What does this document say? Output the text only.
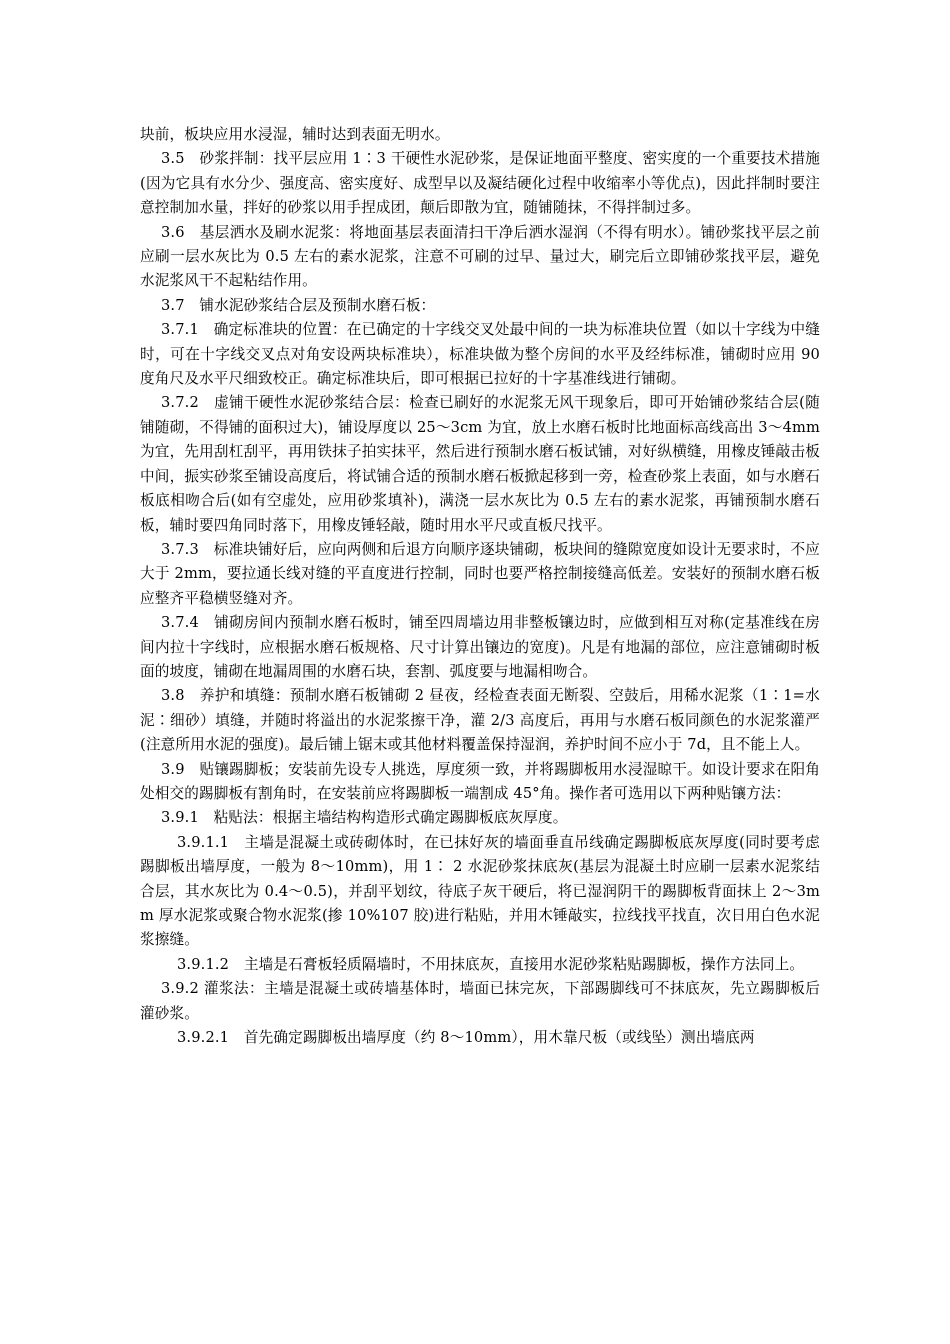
块前，板块应用水浸湿，辅时达到表面无明水。

3.5　砂浆拌制：找平层应用 1∶3 干硬性水泥砂浆，是保证地面平整度、密实度的一个重要技术措施(因为它具有水分少、强度高、密实度好、成型早以及凝结硬化过程中收缩率小等优点)，因此拌制时要注意控制加水量，拌好的砂浆以用手捏成团，颠后即散为宜，随铺随抹，不得拌制过多。

3.6　基层洒水及刷水泥浆：将地面基层表面清扫干净后洒水湿润（不得有明水）。铺砂浆找平层之前应刷一层水灰比为 0.5 左右的素水泥浆，注意不可刷的过早、量过大，刷完后立即铺砂浆找平层，避免水泥浆风干不起粘结作用。

3.7　铺水泥砂浆结合层及预制水磨石板：

3.7.1　确定标准块的位置：在已确定的十字线交叉处最中间的一块为标准块位置（如以十字线为中缝时，可在十字线交叉点对角安设两块标准块），标准块做为整个房间的水平及经纬标准，铺砌时应用 90 度角尺及水平尺细致校正。确定标准块后，即可根据已拉好的十字基准线进行铺砌。

3.7.2　虚铺干硬性水泥砂浆结合层：检查已刷好的水泥浆无风干现象后，即可开始铺砂浆结合层(随铺随砌，不得铺的面积过大)，铺设厚度以 25～3cm 为宜，放上水磨石板时比地面标高线高出 3～4mm 为宜，先用刮杠刮平，再用铁抹子拍实抹平，然后进行预制水磨石板试铺，对好纵横缝，用橡皮锤敲击板中间，振实砂浆至铺设高度后，将试铺合适的预制水磨石板掀起移到一旁，检查砂浆上表面，如与水磨石板底相吻合后(如有空虚处，应用砂浆填补)，满浇一层水灰比为 0.5 左右的素水泥浆，再铺预制水磨石板，辅时要四角同时落下，用橡皮锤轻敲，随时用水平尺或直板尺找平。

3.7.3　标准块铺好后，应向两侧和后退方向顺序逐块铺砌，板块间的缝隙宽度如设计无要求时，不应大于 2mm，要拉通长线对缝的平直度进行控制，同时也要严格控制接缝高低差。安装好的预制水磨石板应整齐平稳横竖缝对齐。

3.7.4　铺砌房间内预制水磨石板时，铺至四周墙边用非整板镶边时，应做到相互对称(定基准线在房间内拉十字线时，应根据水磨石板规格、尺寸计算出镶边的宽度)。凡是有地漏的部位，应注意铺砌时板面的坡度，铺砌在地漏周围的水磨石块，套割、弧度要与地漏相吻合。

3.8　养护和填缝：预制水磨石板铺砌 2 昼夜，经检查表面无断裂、空鼓后，用稀水泥浆（1∶1=水泥∶细砂）填缝，并随时将溢出的水泥浆擦干净，灌 2/3 高度后，再用与水磨石板同颜色的水泥浆灌严(注意所用水泥的强度)。最后铺上锯末或其他材料覆盖保持湿润，养护时间不应小于 7d，且不能上人。

3.9　贴镶踢脚板；安装前先设专人挑选，厚度须一致，并将踢脚板用水浸湿晾干。如设计要求在阳角处相交的踢脚板有割角时，在安装前应将踢脚板一端割成 45°角。操作者可选用以下两种贴镶方法：

3.9.1　粘贴法：根据主墙结构构造形式确定踢脚板底灰厚度。

3.9.1.1　主墙是混凝土或砖砌体时，在已抹好灰的墙面垂直吊线确定踢脚板底灰厚度(同时要考虑踢脚板出墙厚度，一般为 8～10mm)，用 1∶ 2 水泥砂浆抹底灰(基层为混凝土时应刷一层素水泥浆结合层，其水灰比为 0.4～0.5)，并刮平划纹，待底子灰干硬后，将已湿润阴干的踢脚板背面抹上 2～3mm 厚水泥浆或聚合物水泥浆(掺 10%107 胶)进行粘贴，并用木锤敲实，拉线找平找直，次日用白色水泥浆擦缝。

3.9.1.2　主墙是石膏板轻质隔墙时，不用抹底灰，直接用水泥砂浆粘贴踢脚板，操作方法同上。

3.9.2 灌浆法：主墙是混凝土或砖墙基体时，墙面已抹完灰，下部踢脚线可不抹底灰，先立踢脚板后灌砂浆。

3.9.2.1　首先确定踢脚板出墙厚度（约 8～10mm），用木靠尺板（或线坠）测出墙底两
